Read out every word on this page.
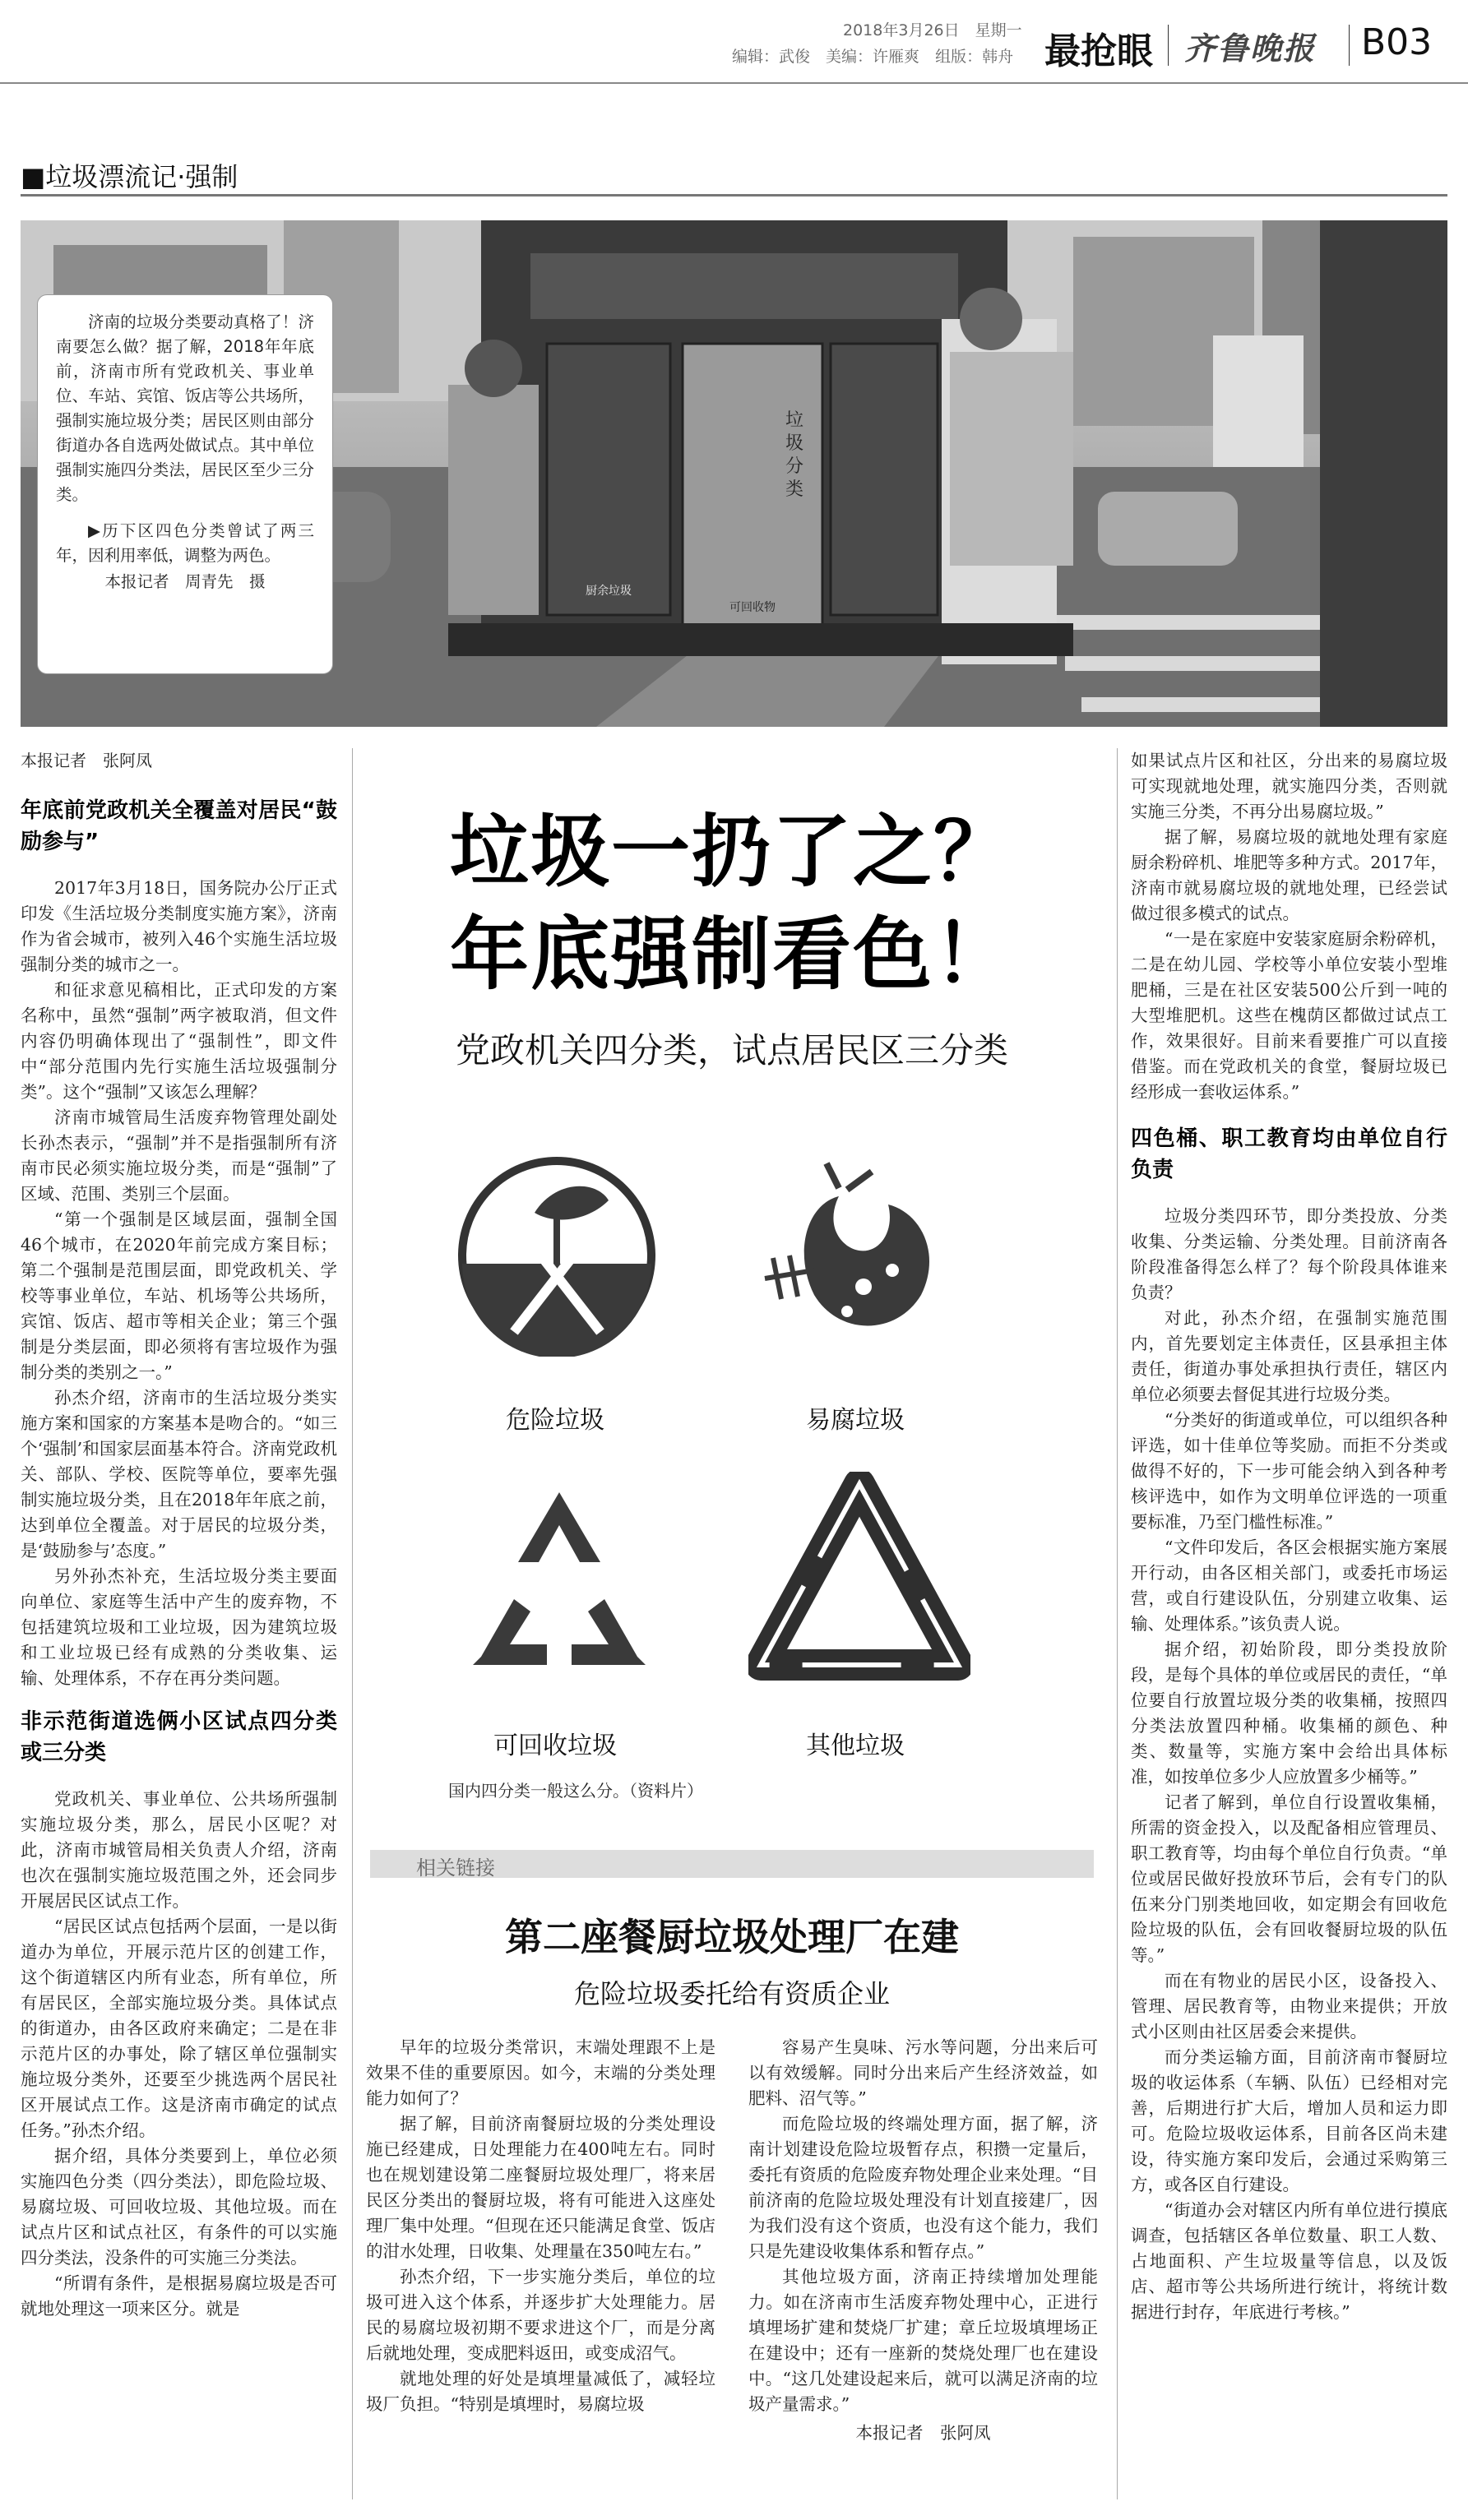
2018年3月26日　 星期一
编辑：武俊　 美编：许雁爽　 组版：韩舟 最抢眼 齐鲁晚报 B03
■垃圾漂流记·强制
厨余垃圾
可回收物
垃圾分类
济南的垃圾分类要动真格了！济南要怎么做？据了解，2018年年底前，济南市所有党政机关、事业单位、车站、宾馆、饭店等公共场所，强制实施垃圾分类；居民区则由部分街道办各自选两处做试点。其中单位强制实施四分类法，居民区至少三分类。
▶历下区四色分类曾试了两三年，因利用率低，调整为两色。
本报记者　周青先　摄
本报记者　张阿凤
年底前党政机关全覆盖对居民“鼓励参与”

2017年3月18日，国务院办公厅正式印发《生活垃圾分类制度实施方案》，济南作为省会城市，被列入46个实施生活垃圾强制分类的城市之一。

和征求意见稿相比，正式印发的方案名称中，虽然“强制”两字被取消，但文件内容仍明确体现出了“强制性”，即文件中“部分范围内先行实施生活垃圾强制分类”。这个“强制”又该怎么理解？

济南市城管局生活废弃物管理处副处长孙杰表示，“强制”并不是指强制所有济南市民必须实施垃圾分类，而是“强制”了区域、范围、类别三个层面。

“第一个强制是区域层面，强制全国46个城市，在2020年前完成方案目标；第二个强制是范围层面，即党政机关、学校等事业单位，车站、机场等公共场所，宾馆、饭店、超市等相关企业；第三个强制是分类层面，即必须将有害垃圾作为强制分类的类别之一。”

孙杰介绍，济南市的生活垃圾分类实施方案和国家的方案基本是吻合的。“如三个‘强制’和国家层面基本符合。济南党政机关、部队、学校、医院等单位，要率先强制实施垃圾分类，且在2018年年底之前，达到单位全覆盖。对于居民的垃圾分类，是‘鼓励参与’态度。”

另外孙杰补充，生活垃圾分类主要面向单位、家庭等生活中产生的废弃物，不包括建筑垃圾和工业垃圾，因为建筑垃圾和工业垃圾已经有成熟的分类收集、运输、处理体系，不存在再分类问题。

非示范街道选俩小区试点四分类或三分类

党政机关、事业单位、公共场所强制实施垃圾分类，那么，居民小区呢？对此，济南市城管局相关负责人介绍，济南也次在强制实施垃圾范围之外，还会同步开展居民区试点工作。

“居民区试点包括两个层面，一是以街道办为单位，开展示范片区的创建工作，这个街道辖区内所有业态，所有单位，所有居民区，全部实施垃圾分类。具体试点的街道办，由各区政府来确定；二是在非示范片区的办事处，除了辖区单位强制实施垃圾分类外，还要至少挑选两个居民社区开展试点工作。这是济南市确定的试点任务。”孙杰介绍。

据介绍，具体分类要到上，单位必须实施四色分类（四分类法），即危险垃圾、易腐垃圾、可回收垃圾、其他垃圾。而在试点片区和试点社区，有条件的可以实施四分类法，没条件的可实施三分类法。

“所谓有条件，是根据易腐垃圾是否可就地处理这一项来区分。就是

垃圾一扔了之？
年底强制看色！
党政机关四分类，试点居民区三分类
危险垃圾	易腐垃圾
可回收垃圾	其他垃圾
国内四分类一般这么分。（资料片）
相关链接
第二座餐厨垃圾处理厂在建
危险垃圾委托给有资质企业

早年的垃圾分类常识，末端处理跟不上是效果不佳的重要原因。如今，末端的分类处理能力如何了？

据了解，目前济南餐厨垃圾的分类处理设施已经建成，日处理能力在400吨左右。同时也在规划建设第二座餐厨垃圾处理厂，将来居民区分类出的餐厨垃圾，将有可能进入这座处理厂集中处理。“但现在还只能满足食堂、饭店的泔水处理，日收集、处理量在350吨左右。”

孙杰介绍，下一步实施分类后，单位的垃圾可进入这个体系，并逐步扩大处理能力。居民的易腐垃圾初期不要求进这个厂，而是分离后就地处理，变成肥料返田，或变成沼气。

就地处理的好处是填埋量减低了，减轻垃圾厂负担。“特别是填埋时，易腐垃圾

容易产生臭味、污水等问题，分出来后可以有效缓解。同时分出来后产生经济效益，如肥料、沼气等。”

而危险垃圾的终端处理方面，据了解，济南计划建设危险垃圾暂存点，积攒一定量后，委托有资质的危险废弃物处理企业来处理。“目前济南的危险垃圾处理没有计划直接建厂，因为我们没有这个资质，也没有这个能力，我们只是先建设收集体系和暂存点。”

其他垃圾方面，济南正持续增加处理能力。如在济南市生活废弃物处理中心，正进行填埋场扩建和焚烧厂扩建；章丘垃圾填埋场正在建设中；还有一座新的焚烧处理厂也在建设中。“这几处建设起来后，就可以满足济南的垃圾产量需求。”

本报记者　张阿凤

如果试点片区和社区，分出来的易腐垃圾可实现就地处理，就实施四分类，否则就实施三分类，不再分出易腐垃圾。”

据了解，易腐垃圾的就地处理有家庭厨余粉碎机、堆肥等多种方式。2017年，济南市就易腐垃圾的就地处理，已经尝试做过很多模式的试点。

“一是在家庭中安装家庭厨余粉碎机，二是在幼儿园、学校等小单位安装小型堆肥桶，三是在社区安装500公斤到一吨的大型堆肥机。这些在槐荫区都做过试点工作，效果很好。目前来看要推广可以直接借鉴。而在党政机关的食堂，餐厨垃圾已经形成一套收运体系。”

四色桶、职工教育均由单位自行负责

垃圾分类四环节，即分类投放、分类收集、分类运输、分类处理。目前济南各阶段准备得怎么样了？每个阶段具体谁来负责？

对此，孙杰介绍，在强制实施范围内，首先要划定主体责任，区县承担主体责任，街道办事处承担执行责任，辖区内单位必须要去督促其进行垃圾分类。

“分类好的街道或单位，可以组织各种评选，如十佳单位等奖励。而拒不分类或做得不好的，下一步可能会纳入到各种考核评选中，如作为文明单位评选的一项重要标准，乃至门槛性标准。”

“文件印发后，各区会根据实施方案展开行动，由各区相关部门，或委托市场运营，或自行建设队伍，分别建立收集、运输、处理体系。”该负责人说。

据介绍，初始阶段，即分类投放阶段，是每个具体的单位或居民的责任，“单位要自行放置垃圾分类的收集桶，按照四分类法放置四种桶。收集桶的颜色、种类、数量等，实施方案中会给出具体标准，如按单位多少人应放置多少桶等。”

记者了解到，单位自行设置收集桶，所需的资金投入，以及配备相应管理员、职工教育等，均由每个单位自行负责。“单位或居民做好投放环节后，会有专门的队伍来分门别类地回收，如定期会有回收危险垃圾的队伍，会有回收餐厨垃圾的队伍等。”

而在有物业的居民小区，设备投入、管理、居民教育等，由物业来提供；开放式小区则由社区居委会来提供。

而分类运输方面，目前济南市餐厨垃圾的收运体系（车辆、队伍）已经相对完善，后期进行扩大后，增加人员和运力即可。危险垃圾收运体系，目前各区尚未建设，待实施方案印发后，会通过采购第三方，或各区自行建设。

“街道办会对辖区内所有单位进行摸底调查，包括辖区各单位数量、职工人数、占地面积、产生垃圾量等信息，以及饭店、超市等公共场所进行统计，将统计数据进行封存，年底进行考核。”
